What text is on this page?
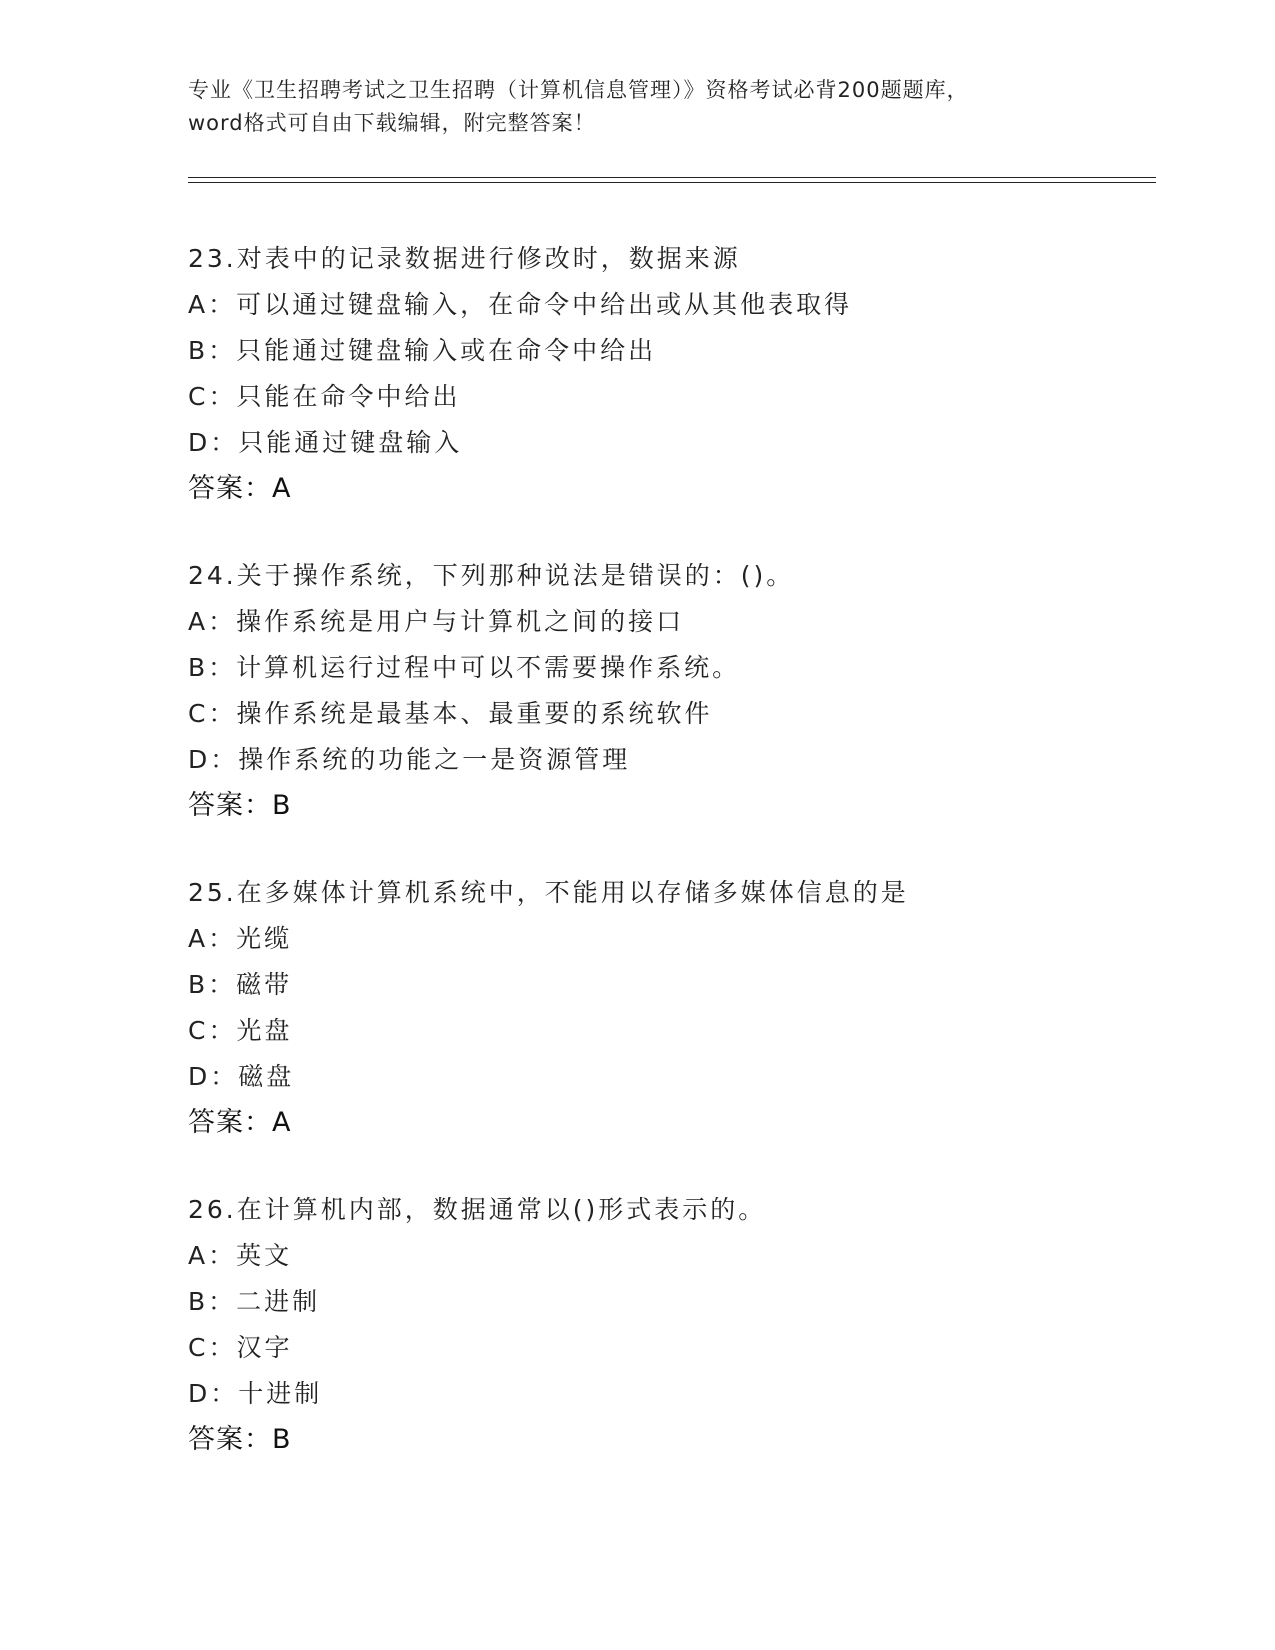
专业《卫生招聘考试之卫生招聘（计算机信息管理）》资格考试必背200题题库，
word格式可自由下载编辑，附完整答案！
23.对表中的记录数据进行修改时，数据来源
A：可以通过键盘输入，在命令中给出或从其他表取得
B：只能通过键盘输入或在命令中给出
C：只能在命令中给出
D：只能通过键盘输入
答案：A
24.关于操作系统，下列那种说法是错误的：()。
A：操作系统是用户与计算机之间的接口
B：计算机运行过程中可以不需要操作系统。
C：操作系统是最基本、最重要的系统软件
D：操作系统的功能之一是资源管理
答案：B
25.在多媒体计算机系统中，不能用以存储多媒体信息的是
A：光缆
B：磁带
C：光盘
D：磁盘
答案：A
26.在计算机内部，数据通常以()形式表示的。
A：英文
B：二进制
C：汉字
D：十进制
答案：B
